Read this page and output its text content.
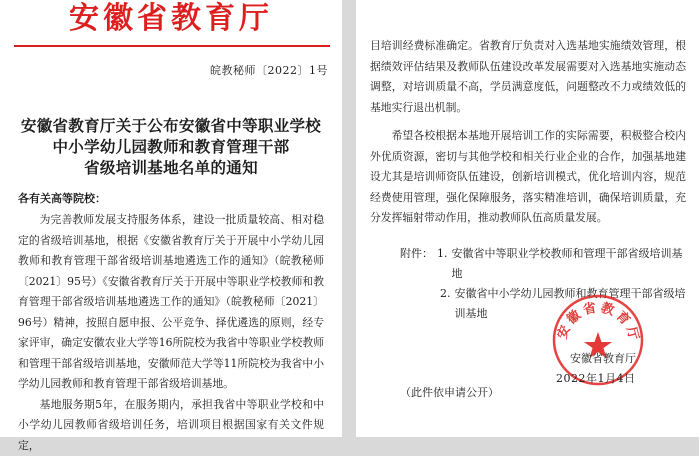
安徽省教育厅
皖教秘师〔2022〕1号
安徽省教育厅关于公布安徽省中等职业学校
中小学幼儿园教师和教育管理干部
省级培训基地名单的通知
各有关高等院校：

为完善教师发展支持服务体系，建设一批质量较高、相对稳定的省级培训基地，根据《安徽省教育厅关于开展中小学幼儿园教师和教育管理干部省级培训基地遴选工作的通知》（皖教秘师〔2021〕95号）《安徽省教育厅关于开展中等职业学校教师和教育管理干部省级培训基地遴选工作的通知》（皖教秘师〔2021〕96号）精神，按照自愿申报、公平竞争、择优遴选的原则，经专家评审，确定安徽农业大学等16所院校为我省中等职业学校教师和管理干部省级培训基地，安徽师范大学等11所院校为我省中小学幼儿园教师和教育管理干部省级培训基地。

基地服务期5年，在服务期内，承担我省中等职业学校和中小学幼儿园教师省级培训任务，培训项目根据国家有关文件规定，

目培训经费标准确定。省教育厅负责对入选基地实施绩效管理，根据绩效评估结果及教师队伍建设改革发展需要对入选基地实施动态调整，对培训质量不高，学员满意度低，问题整改不力或绩效低的基地实行退出机制。

希望各校根据本基地开展培训工作的实际需要，积极整合校内外优质资源，密切与其他学校和相关行业企业的合作，加强基地建设尤其是培训师资队伍建设，创新培训模式，优化培训内容，规范经费使用管理，强化保障服务，落实精准培训，确保培训质量，充分发挥辐射带动作用，推动教师队伍高质量发展。

附件： 1. 安徽省中等职业学校教师和管理干部省级培训基地
2. 安徽省中小学幼儿园教师和教育管理干部省级培训基地
安徽省教育厅
安徽省教育厅
2022年1月4日
（此件依申请公开）
